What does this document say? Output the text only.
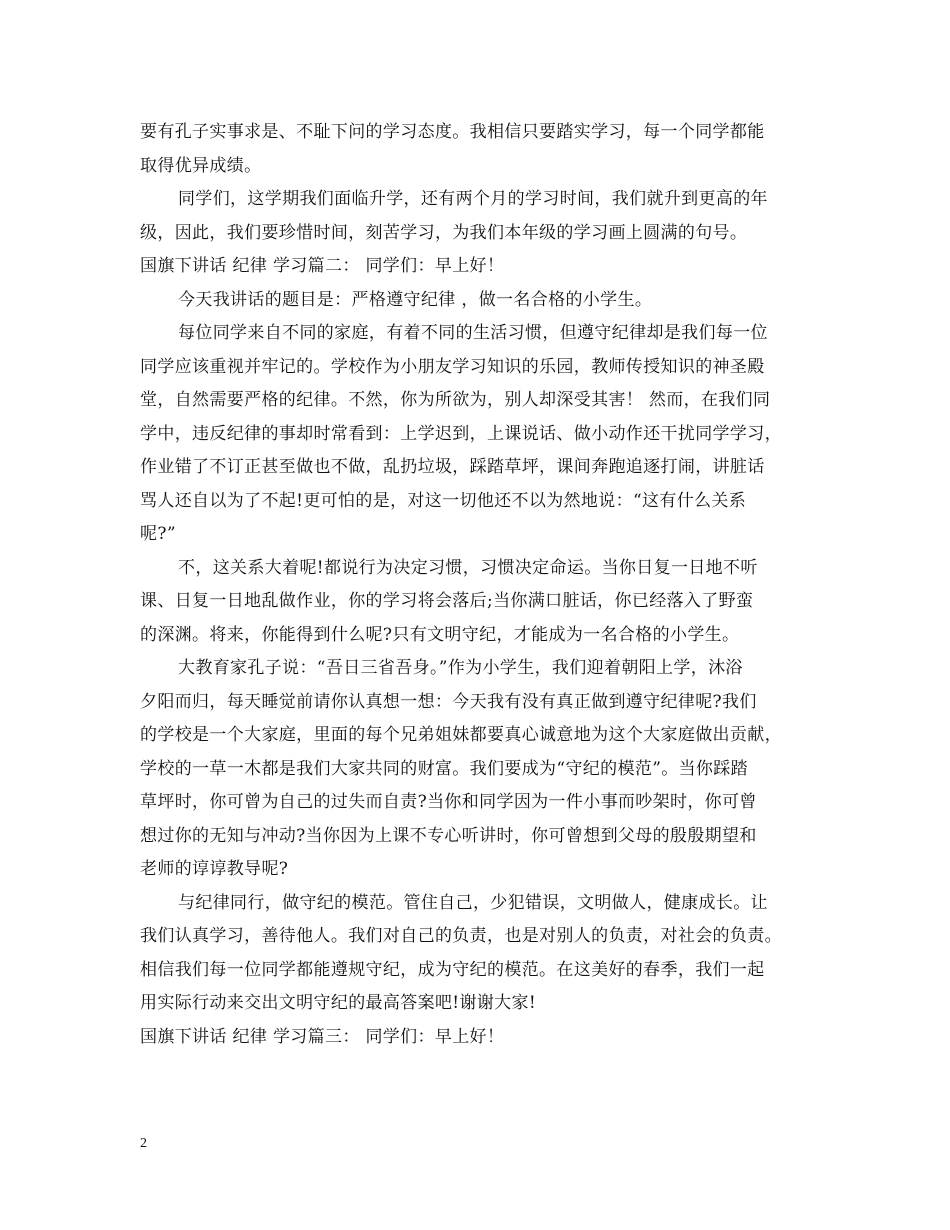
要有孔子实事求是、不耻下问的学习态度。我相信只要踏实学习，每一个同学都能
取得优异成绩。
同学们，这学期我们面临升学，还有两个月的学习时间，我们就升到更高的年
级，因此，我们要珍惜时间，刻苦学习，为我们本年级的学习画上圆满的句号。
国旗下讲话 纪律 学习篇二： 同学们：早上好！
今天我讲话的题目是：严格遵守纪律 ，做一名合格的小学生。
每位同学来自不同的家庭，有着不同的生活习惯，但遵守纪律却是我们每一位
同学应该重视并牢记的。学校作为小朋友学习知识的乐园，教师传授知识的神圣殿
堂，自然需要严格的纪律。不然，你为所欲为，别人却深受其害！ 然而，在我们同
学中，违反纪律的事却时常看到：上学迟到，上课说话、做小动作还干扰同学学习，
作业错了不订正甚至做也不做，乱扔垃圾，踩踏草坪，课间奔跑追逐打闹，讲脏话
骂人还自以为了不起!更可怕的是，对这一切他还不以为然地说：“这有什么关系
呢?”
不，这关系大着呢!都说行为决定习惯，习惯决定命运。当你日复一日地不听
课、日复一日地乱做作业，你的学习将会落后;当你满口脏话，你已经落入了野蛮
的深渊。将来，你能得到什么呢?只有文明守纪，才能成为一名合格的小学生。
大教育家孔子说：“吾日三省吾身。”作为小学生，我们迎着朝阳上学，沐浴
夕阳而归，每天睡觉前请你认真想一想：今天我有没有真正做到遵守纪律呢?我们
的学校是一个大家庭，里面的每个兄弟姐妹都要真心诚意地为这个大家庭做出贡献，
学校的一草一木都是我们大家共同的财富。我们要成为“守纪的模范”。当你踩踏
草坪时，你可曾为自己的过失而自责?当你和同学因为一件小事而吵架时，你可曾
想过你的无知与冲动?当你因为上课不专心听讲时，你可曾想到父母的殷殷期望和
老师的谆谆教导呢?
与纪律同行，做守纪的模范。管住自己，少犯错误，文明做人，健康成长。让
我们认真学习，善待他人。我们对自己的负责，也是对别人的负责，对社会的负责。
相信我们每一位同学都能遵规守纪，成为守纪的模范。在这美好的春季，我们一起
用实际行动来交出文明守纪的最高答案吧!谢谢大家!
国旗下讲话 纪律 学习篇三： 同学们：早上好！
2
